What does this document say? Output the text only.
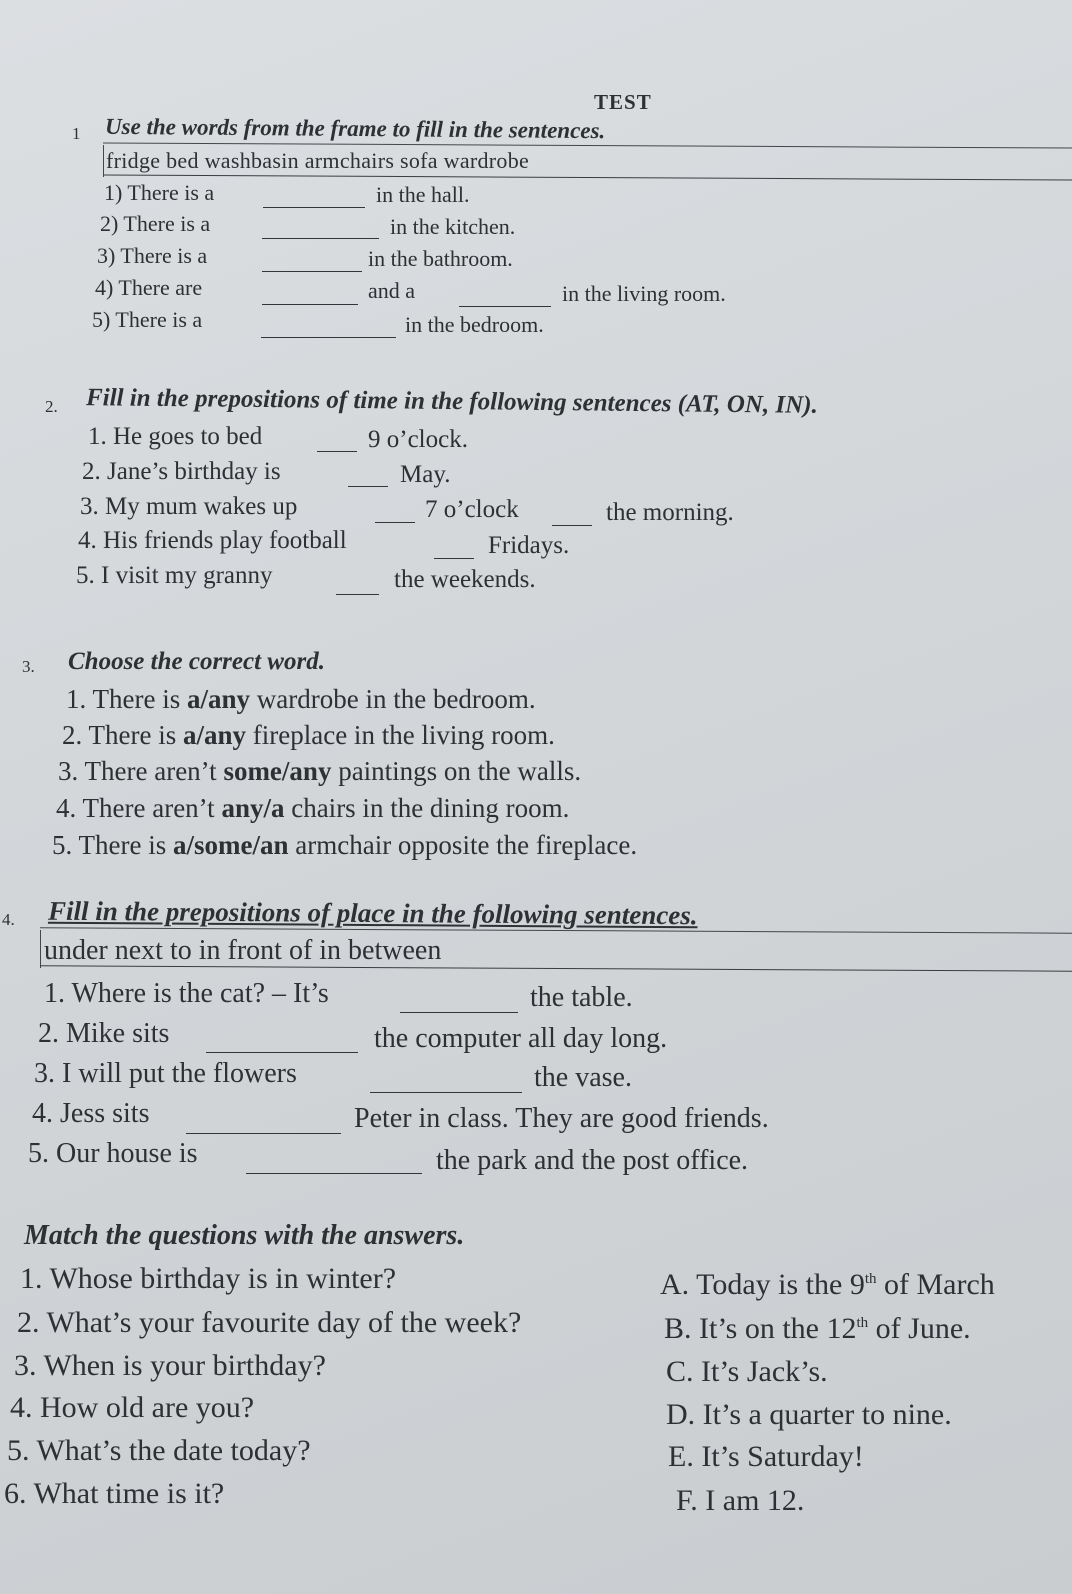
TEST
1 Use the words from the frame to fill in the sentences.
fridge bed washbasin armchairs sofa wardrobe
1) There is a	in the hall.
2) There is a	in the kitchen.
3) There is a	in the bathroom.
4) There are	and a	in the living room.
5) There is a	in the bedroom.
2. Fill in the prepositions of time in the following sentences (AT, ON, IN).
1. He goes to bed	9 o’clock.
2. Jane’s birthday is	May.
3. My mum wakes up	7 o’clock	the morning.
4. His friends play football	Fridays.
5. I visit my granny	the weekends.
3. Choose the correct word.
1. There is a/any wardrobe in the bedroom.
2. There is a/any fireplace in the living room.
3. There aren’t some/any paintings on the walls.
4. There aren’t any/a chairs in the dining room.
5. There is a/some/an armchair opposite the fireplace.
4. Fill in the prepositions of place in the following sentences.
under next to in front of in between
1. Where is the cat? – It’s	the table.
2. Mike sits	the computer all day long.
3. I will put the flowers	the vase.
4. Jess sits	Peter in class. They are good friends.
5. Our house is	the park and the post office.
Match the questions with the answers.
1. Whose birthday is in winter?
2. What’s your favourite day of the week?
3. When is your birthday?
4. How old are you?
5. What’s the date today?
6. What time is it?
A. Today is the 9th of March
B. It’s on the 12th of June.
C. It’s Jack’s.
D. It’s a quarter to nine.
E. It’s Saturday!
F. I am 12.
